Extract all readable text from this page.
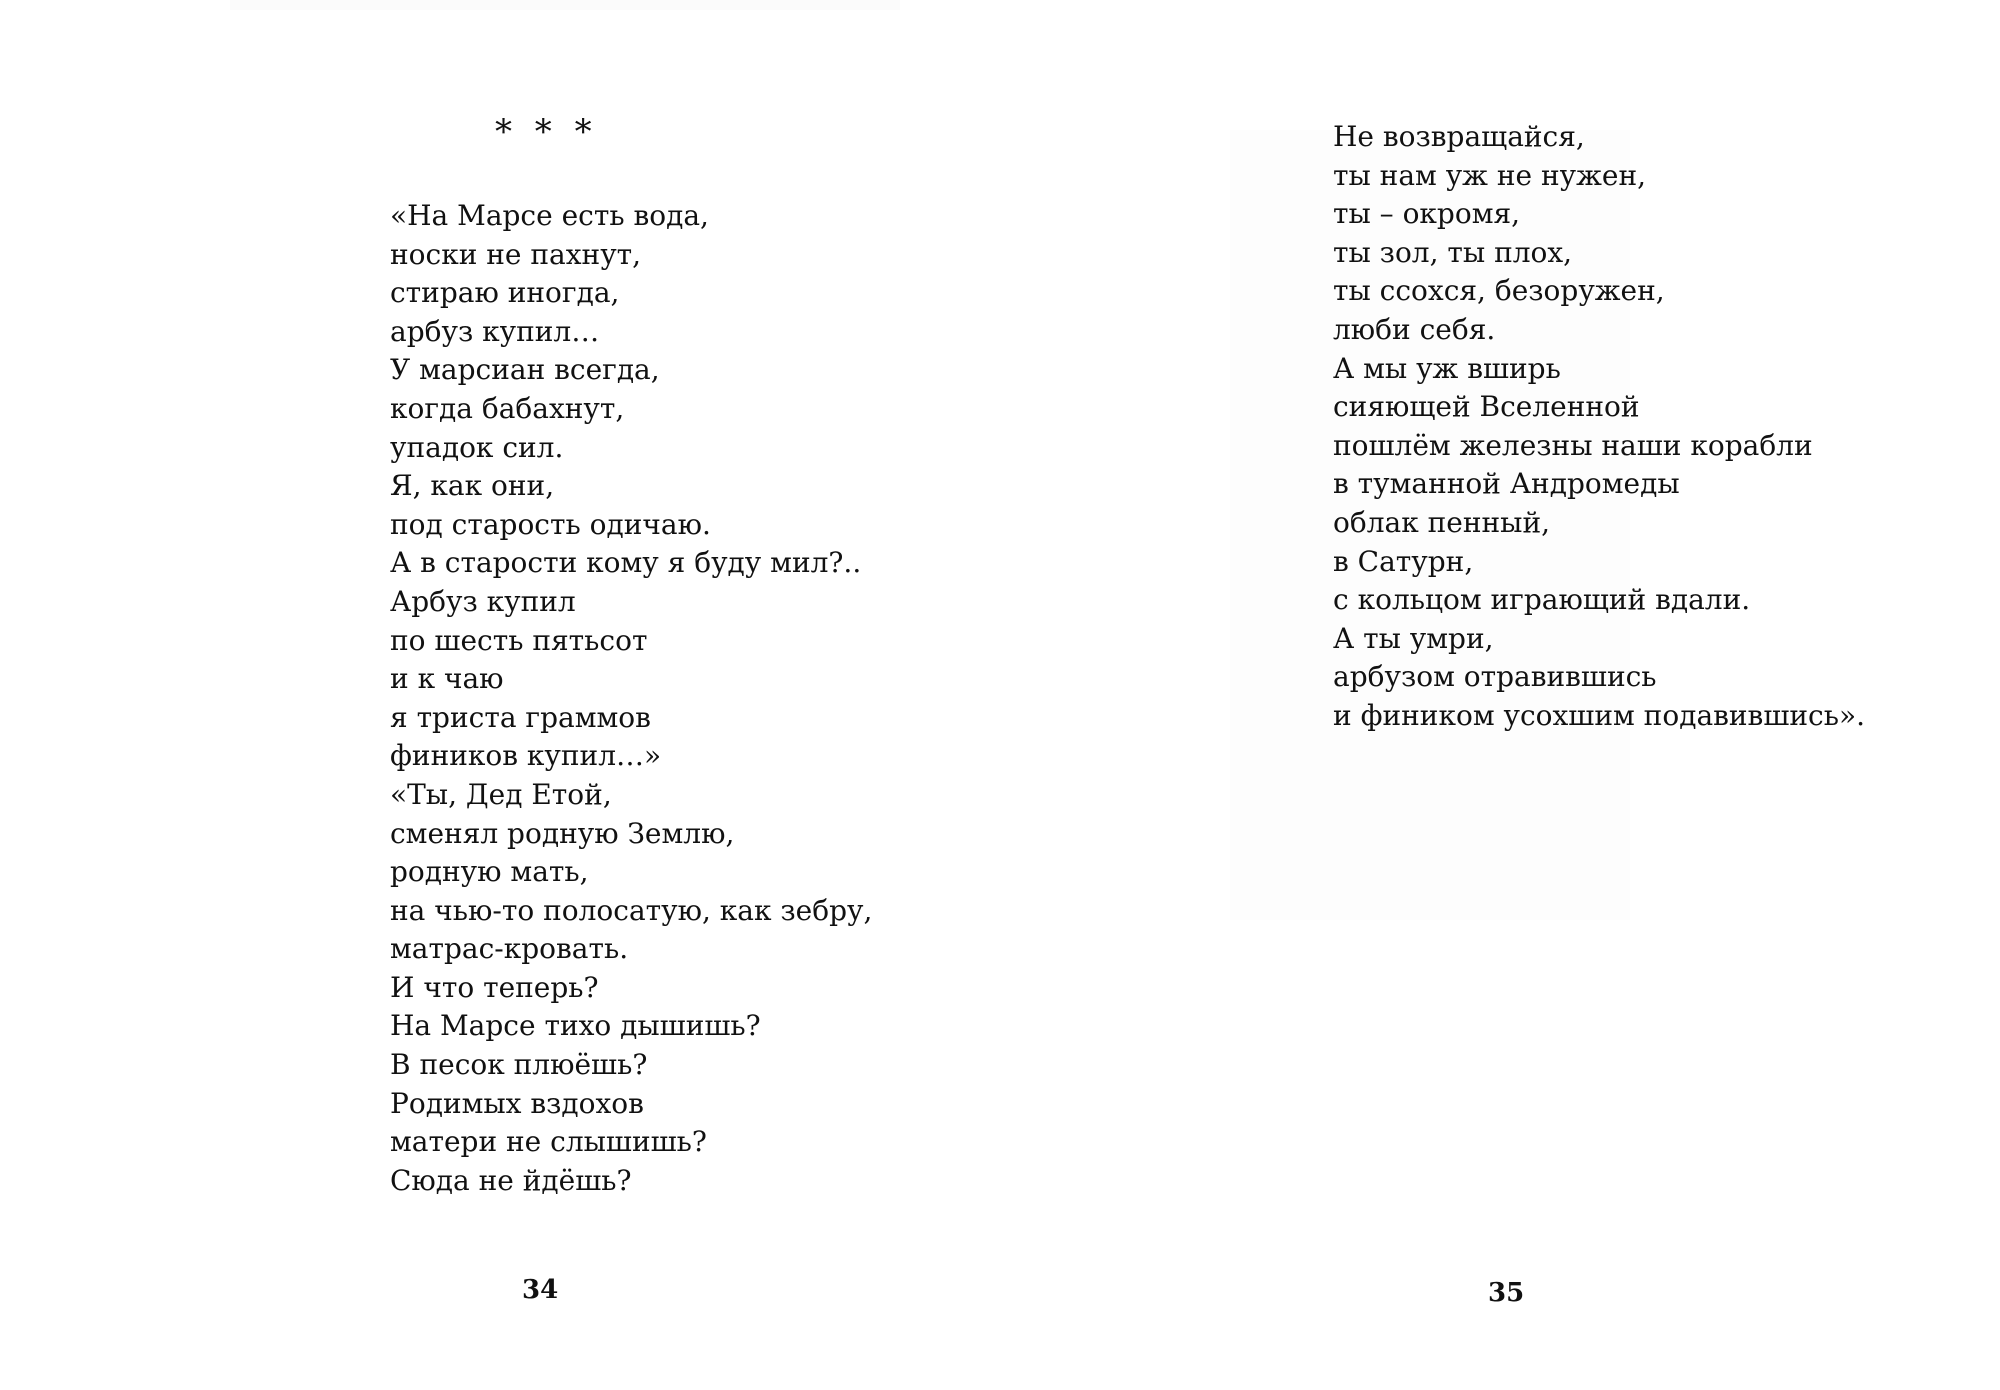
* * *
«На Марсе есть вода,
носки не пахнут,
стираю иногда,
арбуз купил…
У марсиан всегда,
когда бабахнут,
упадок сил.
Я, как они,
под старость одичаю.
А в старости кому я буду мил?..
Арбуз купил
по шесть пятьсот
и к чаю
я триста граммов
фиников купил…»
«Ты, Дед Етой,
сменял родную Землю,
родную мать,
на чью-то полосатую, как зебру,
матрас-кровать.
И что теперь?
На Марсе тихо дышишь?
В песок плюёшь?
Родимых вздохов
матери не слышишь?
Сюда не йдёшь?
34
Не возвращайся,
ты нам уж не нужен,
ты – окромя,
ты зол, ты плох,
ты ссохся, безоружен,
люби себя.
А мы уж вширь
сияющей Вселенной
пошлём железны наши корабли
в туманной Андромеды
облак пенный,
в Сатурн,
с кольцом играющий вдали.
А ты умри,
арбузом отравившись
и фиником усохшим подавившись».
35
